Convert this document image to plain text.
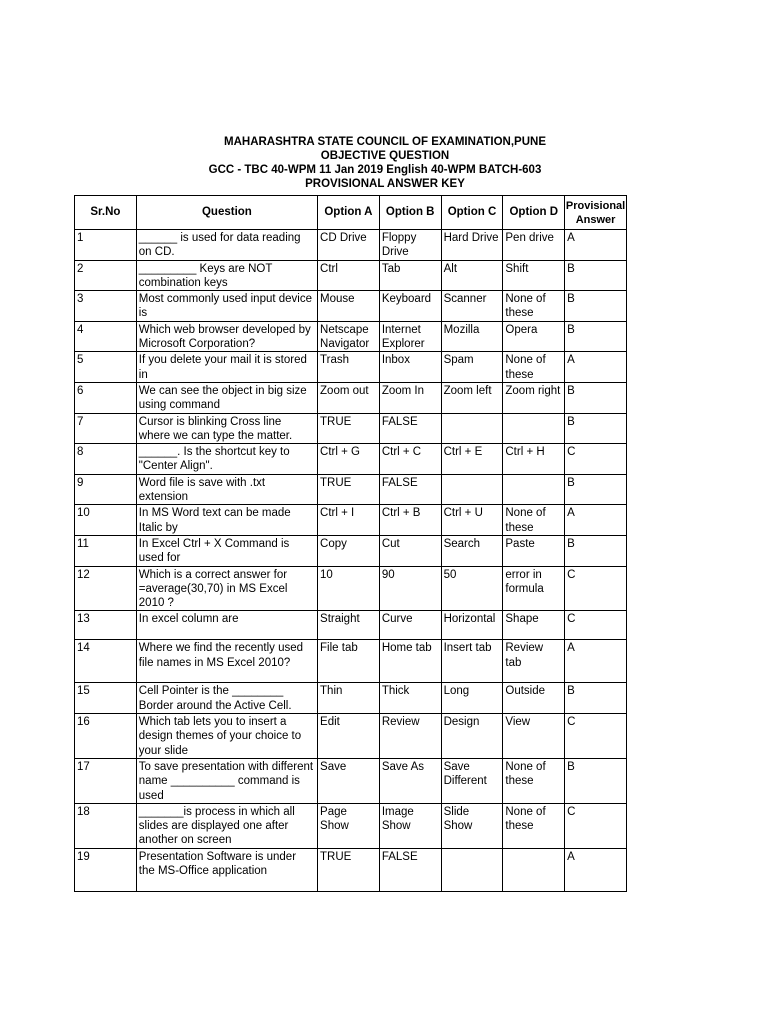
MAHARASHTRA STATE COUNCIL OF EXAMINATION,PUNE
OBJECTIVE QUESTION
GCC - TBC 40-WPM 11 Jan 2019 English 40-WPM BATCH-603
PROVISIONAL ANSWER KEY
Sr.No	Question	Option A	Option B	Option C	Option D	Provisional Answer

1	______ is used for data reading on CD.	CD Drive	Floppy Drive	Hard Drive	Pen drive	A
2	_________ Keys are NOT combination keys	Ctrl	Tab	Alt	Shift	B
3	Most commonly used input device is	Mouse	Keyboard	Scanner	None of these	B
4	Which web browser developed by Microsoft Corporation?	Netscape Navigator	Internet Explorer	Mozilla	Opera	B
5	If you delete your mail it is stored in	Trash	Inbox	Spam	None of these	A
6	We can see the object in big size using command	Zoom out	Zoom In	Zoom left	Zoom right	B
7	Cursor is blinking Cross line where we can type the matter.	TRUE	FALSE			B
8	______. Is the shortcut key to "Center Align".	Ctrl + G	Ctrl + C	Ctrl + E	Ctrl + H	C
9	Word file is save with .txt extension	TRUE	FALSE			B
10	In MS Word text can be made Italic by	Ctrl + I	Ctrl + B	Ctrl + U	None of these	A
11	In Excel Ctrl + X Command is used for	Copy	Cut	Search	Paste	B
12	Which is a correct answer for =average(30,70) in MS Excel 2010 ?	10	90	50	error in formula	C
13	In excel column are	Straight	Curve	Horizontal	Shape	C
14	Where we find the recently used file names in MS Excel 2010?	File tab	Home tab	Insert tab	Review tab	A
15	Cell Pointer is the ________ Border around the Active Cell.	Thin	Thick	Long	Outside	B
16	Which tab lets you to insert a design themes of your choice to your slide	Edit	Review	Design	View	C
17	To save presentation with different name __________ command is used	Save	Save As	Save Different	None of these	B
18	_______is process in which all slides are displayed one after another on screen	Page Show	Image Show	Slide Show	None of these	C
19	Presentation Software is under the MS-Office application	TRUE	FALSE			A
